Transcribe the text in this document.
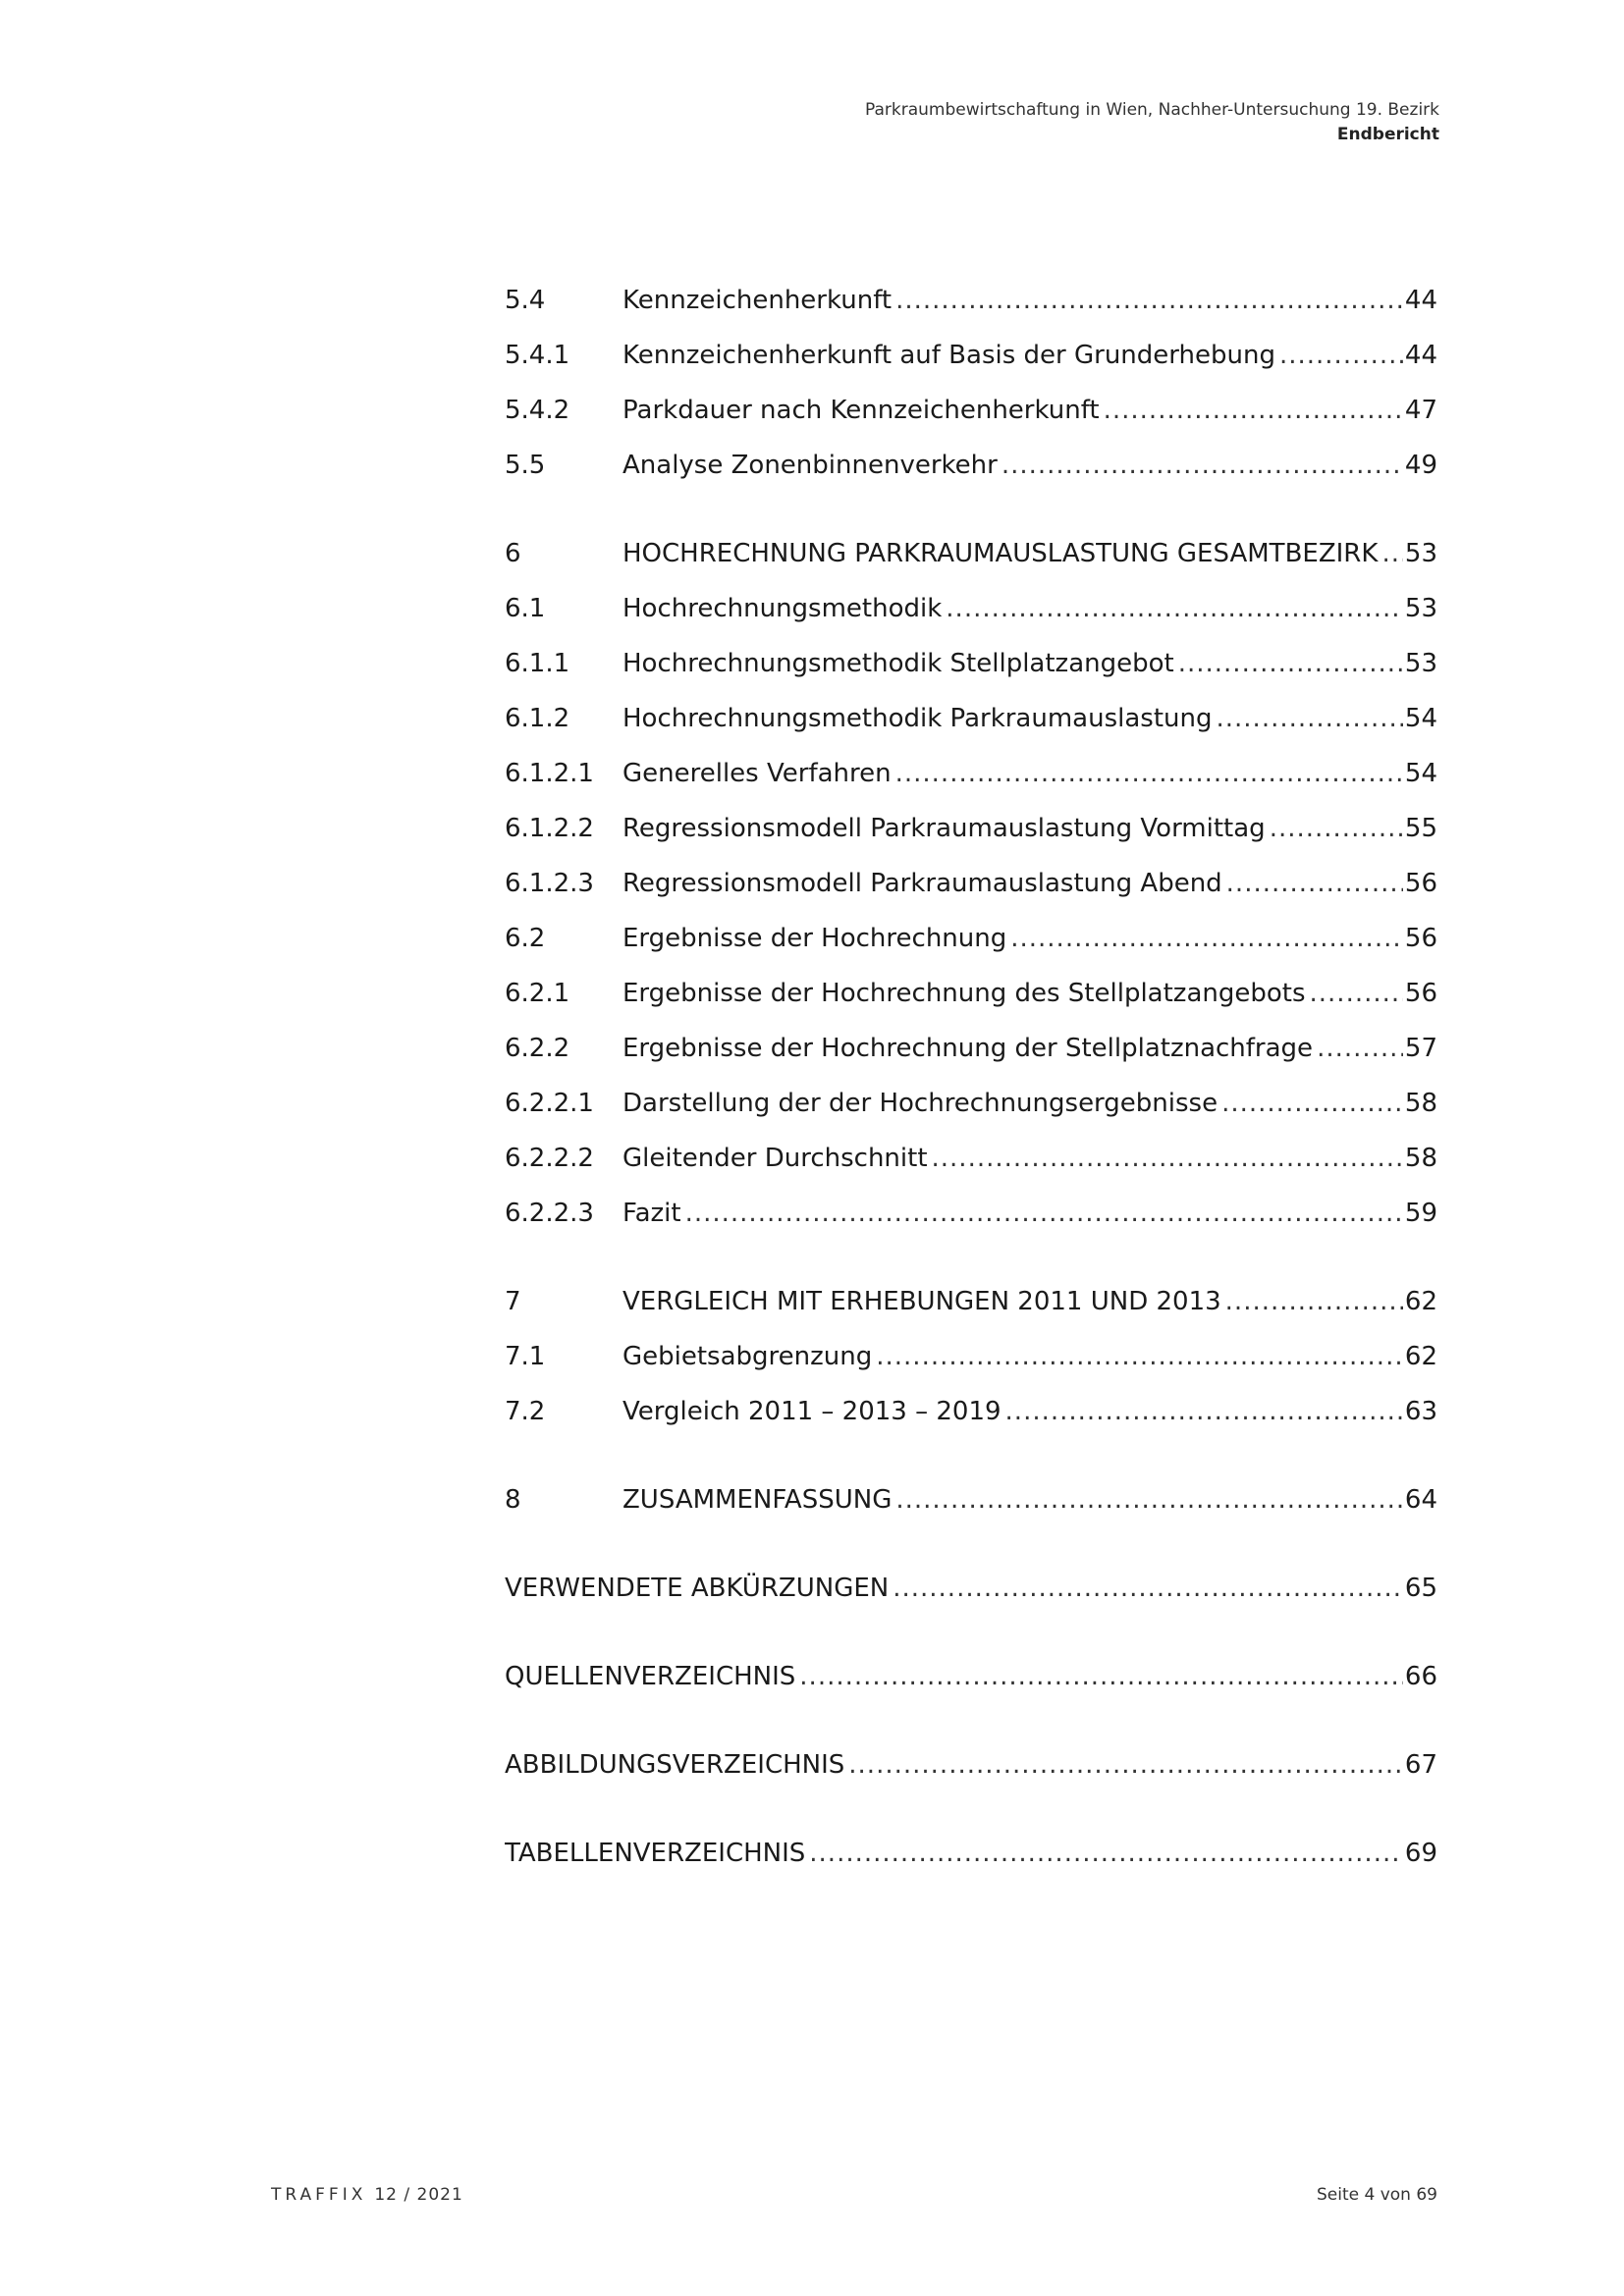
Parkraumbewirtschaftung in Wien, Nachher-Untersuchung 19. Bezirk
Endbericht
5.4	Kennzeichenherkunft .....	44
5.4.1	Kennzeichenherkunft auf Basis der Grunderhebung .....	44
5.4.2	Parkdauer nach Kennzeichenherkunft .....	47
5.5	Analyse Zonenbinnenverkehr .....	49
6	HOCHRECHNUNG PARKRAUMAUSLASTUNG GESAMTBEZIRK ..... 53
6.1	Hochrechnungsmethodik .....	53
6.1.1	Hochrechnungsmethodik Stellplatzangebot .....	53
6.1.2	Hochrechnungsmethodik Parkraumauslastung .....	54
6.1.2.1	Generelles Verfahren .....	54
6.1.2.2	Regressionsmodell Parkraumauslastung Vormittag .....	55
6.1.2.3	Regressionsmodell Parkraumauslastung Abend .....	56
6.2	Ergebnisse der Hochrechnung .....	56
6.2.1	Ergebnisse der Hochrechnung des Stellplatzangebots .....	56
6.2.2	Ergebnisse der Hochrechnung der Stellplatznachfrage .....	57
6.2.2.1	Darstellung der der Hochrechnungsergebnisse .....	58
6.2.2.2	Gleitender Durchschnitt .....	58
6.2.2.3	Fazit .....	59
7	VERGLEICH MIT ERHEBUNGEN 2011 UND 2013 .....	62
7.1	Gebietsabgrenzung .....	62
7.2	Vergleich 2011 – 2013 – 2019 .....	63
8	ZUSAMMENFASSUNG .....	64
VERWENDETE ABKÜRZUNGEN .....	65
QUELLENVERZEICHNIS .....	66
ABBILDUNGSVERZEICHNIS .....	67
TABELLENVERZEICHNIS .....	69
TRAFFIX 12 / 2021	Seite 4 von 69
